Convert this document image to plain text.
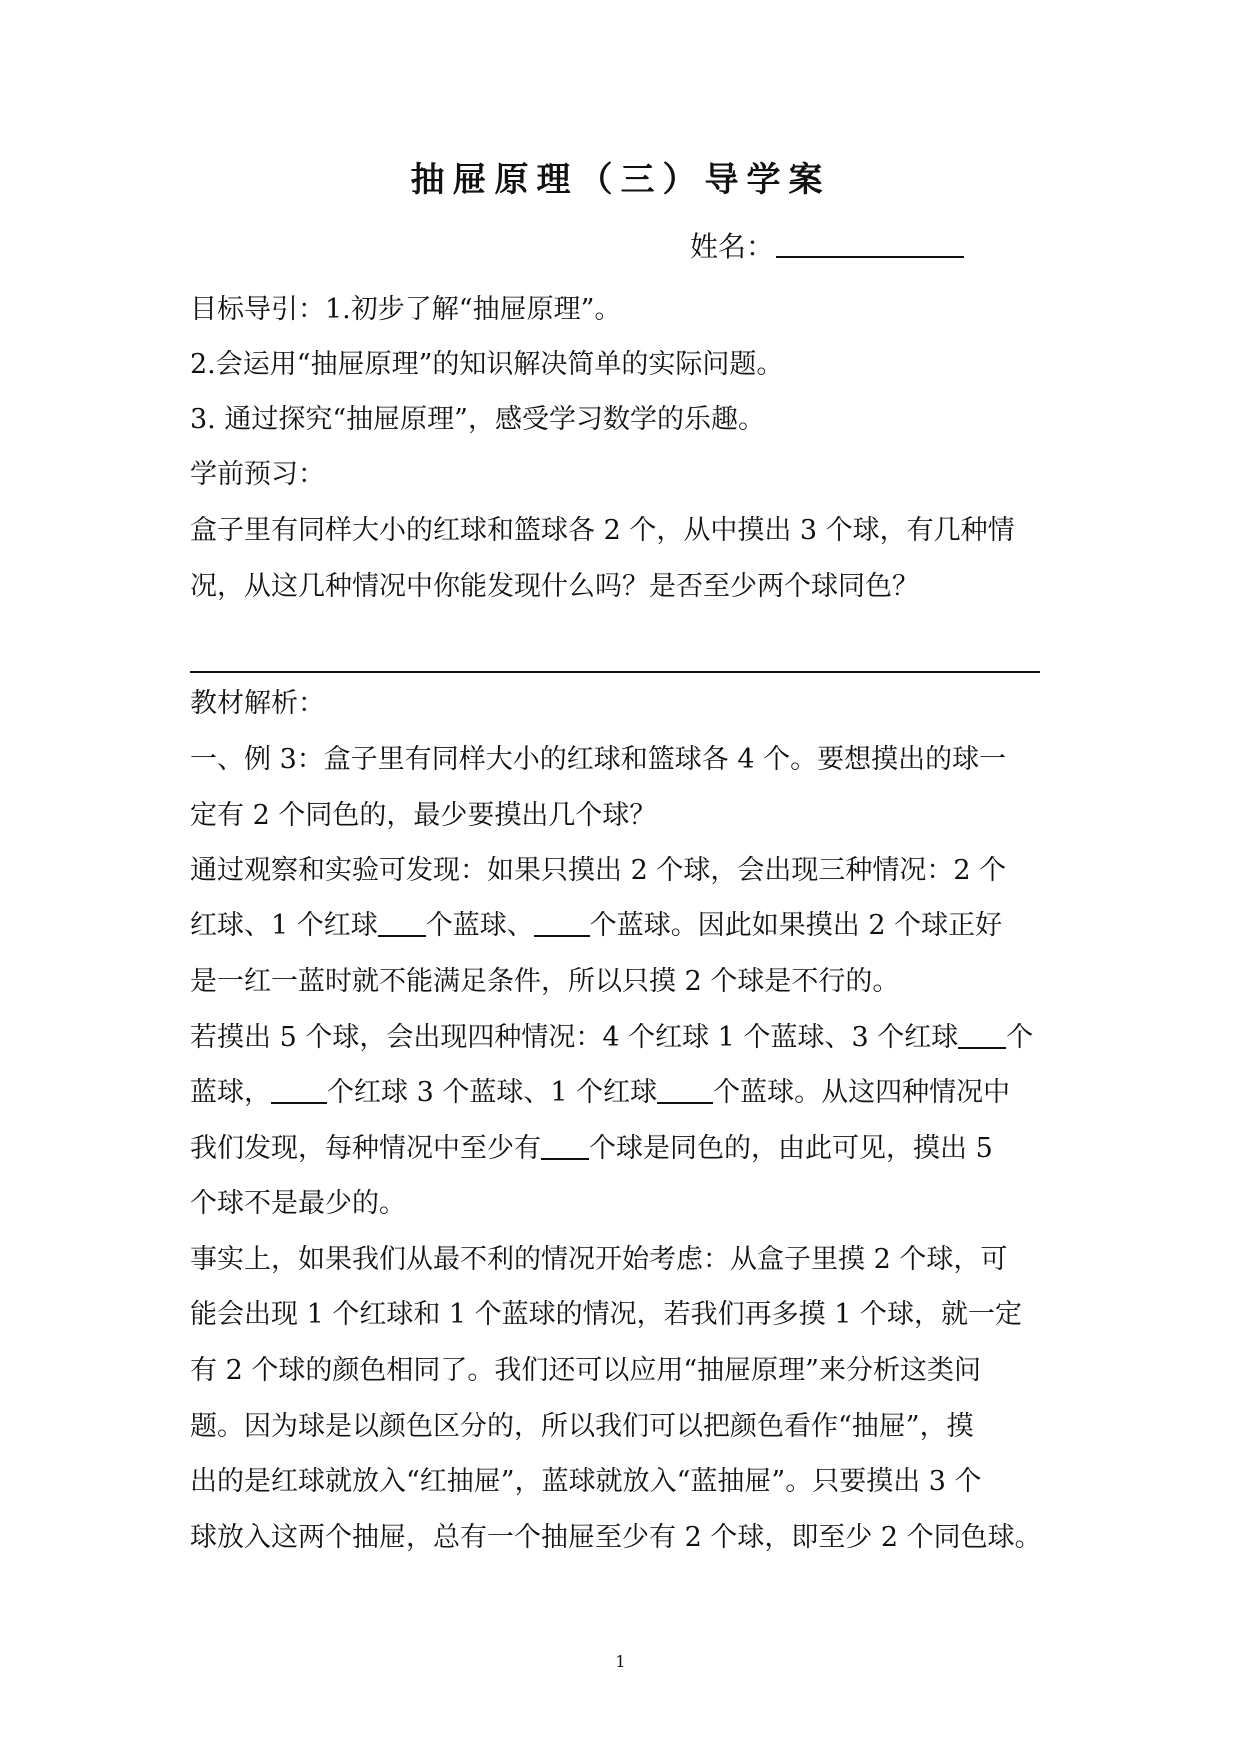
抽屉原理（三）导学案
姓名：
目标导引：1.初步了解“抽屉原理”。
2.会运用“抽屉原理”的知识解决简单的实际问题。
3. 通过探究“抽屉原理”，感受学习数学的乐趣。
学前预习：
盒子里有同样大小的红球和篮球各 2 个，从中摸出 3 个球，有几种情
况，从这几种情况中你能发现什么吗？是否至少两个球同色？
教材解析：
一、例 3：盒子里有同样大小的红球和篮球各 4 个。要想摸出的球一
定有 2 个同色的，最少要摸出几个球？
通过观察和实验可发现：如果只摸出 2 个球，会出现三种情况：2 个
红球、1 个红球 个蓝球、 个蓝球。因此如果摸出 2 个球正好
是一红一蓝时就不能满足条件，所以只摸 2 个球是不行的。
若摸出 5 个球，会出现四种情况：4 个红球 1 个蓝球、3 个红球 个
蓝球， 个红球 3 个蓝球、1 个红球 个蓝球。从这四种情况中
我们发现，每种情况中至少有 个球是同色的，由此可见，摸出 5
个球不是最少的。
事实上，如果我们从最不利的情况开始考虑：从盒子里摸 2 个球，可
能会出现 1 个红球和 1 个蓝球的情况，若我们再多摸 1 个球，就一定
有 2 个球的颜色相同了。我们还可以应用“抽屉原理”来分析这类问
题。因为球是以颜色区分的，所以我们可以把颜色看作“抽屉”，摸
出的是红球就放入“红抽屉”，蓝球就放入“蓝抽屉”。只要摸出 3 个
球放入这两个抽屉，总有一个抽屉至少有 2 个球，即至少 2 个同色球。
1
